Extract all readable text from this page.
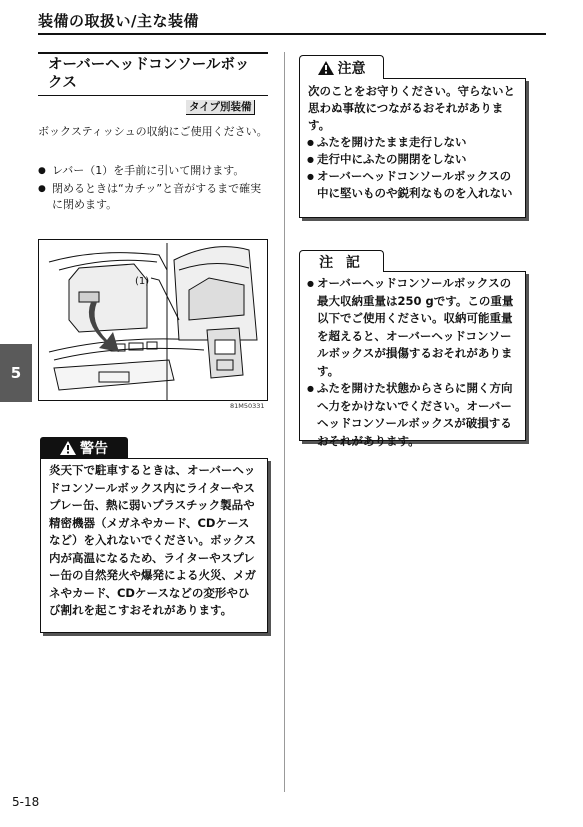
装備の取扱い/主な装備
オーバーヘッドコンソールボックス
タイプ別装備
ボックスティッシュの収納にご使用ください。
● レバー（1）を手前に引いて開けます。
● 閉めるときは“カチッ”と音がするまで確実に閉めます。
(1)
81M50331
5
警告

炎天下で駐車するときは、オーバーヘッドコンソールボックス内にライターやスプレー缶、熱に弱いプラスチック製品や精密機器（メガネやカード、CDケースなど）を入れないでください。ボックス内が高温になるため、ライターやスプレー缶の自然発火や爆発による火災、メガネやカード、CDケースなどの変形やひび割れを起こすおそれがあります。

注意

次のことをお守りください。守らないと思わぬ事故につながるおそれがあります。

● ふたを開けたまま走行しない
● 走行中にふたの開閉をしない
● オーバーヘッドコンソールボックスの中に堅いものや鋭利なものを入れない
注 記
● オーバーヘッドコンソールボックスの最大収納重量は250 gです。この重量以下でご使用ください。収納可能重量を超えると、オーバーヘッドコンソールボックスが損傷するおそれがあります。
● ふたを開けた状態からさらに開く方向へ力をかけないでください。オーバーヘッドコンソールボックスが破損するおそれがあります。
5-18
